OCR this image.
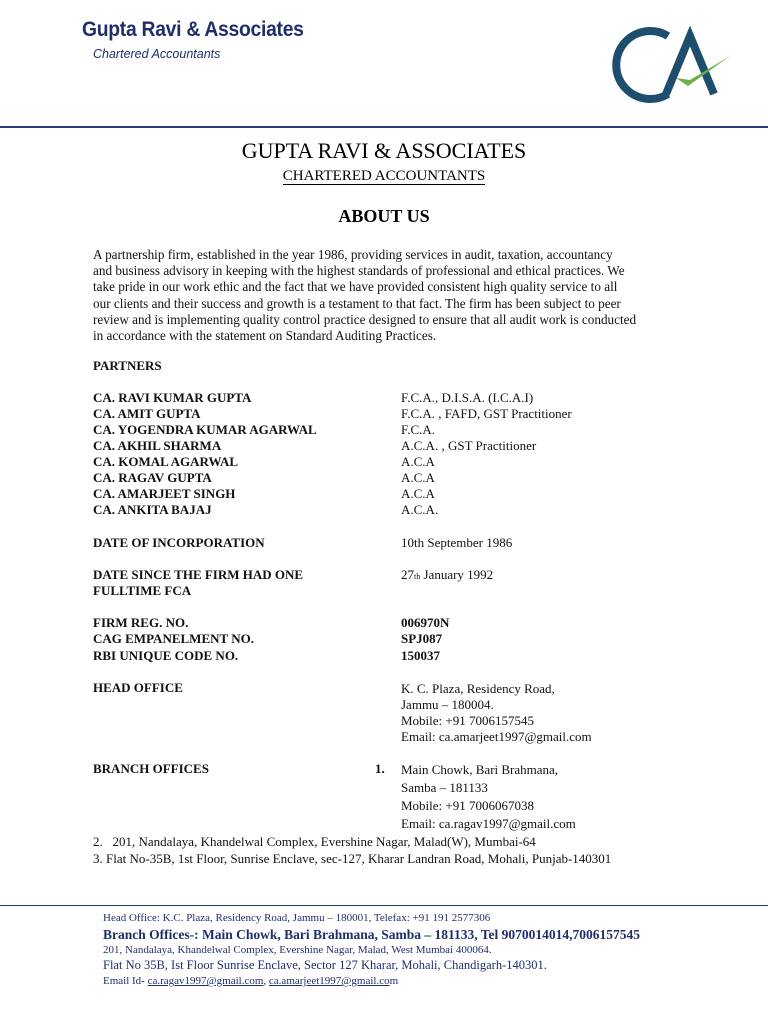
Gupta Ravi & Associates
Chartered Accountants
GUPTA RAVI & ASSOCIATES
CHARTERED ACCOUNTANTS
ABOUT US
A partnership firm, established in the year 1986, providing services in audit, taxation, accountancy
and business advisory in keeping with the highest standards of professional and ethical practices. We
take pride in our work ethic and the fact that we have provided consistent high quality service to all
our clients and their success and growth is a testament to that fact. The firm has been subject to peer
review and is implementing quality control practice designed to ensure that all audit work is conducted
in accordance with the statement on Standard Auditing Practices.
PARTNERS
CA. RAVI KUMAR GUPTA	F.C.A., D.I.S.A. (I.C.A.I)
CA. AMIT GUPTA	F.C.A. , FAFD, GST Practitioner
CA. YOGENDRA KUMAR AGARWAL	F.C.A.
CA. AKHIL SHARMA	A.C.A. , GST Practitioner
CA. KOMAL AGARWAL	A.C.A
CA. RAGAV GUPTA	A.C.A
CA. AMARJEET SINGH	A.C.A
CA. ANKITA BAJAJ	A.C.A.
DATE OF INCORPORATION	10th September 1986
DATE SINCE THE FIRM HAD ONE	27th January 1992
FULLTIME FCA
FIRM REG. NO.	006970N
CAG EMPANELMENT NO.	SPJ087
RBI UNIQUE CODE NO.	150037
HEAD OFFICE	K. C. Plaza, Residency Road,
Jammu – 180004.
Mobile: +91 7006157545
Email: ca.amarjeet1997@gmail.com
BRANCH OFFICES	1. Main Chowk, Bari Brahmana,
Samba – 181133
Mobile: +91 7006067038
Email: ca.ragav1997@gmail.com
2.   201, Nandalaya, Khandelwal Complex, Evershine Nagar, Malad(W), Mumbai-64
3. Flat No-35B, 1st Floor, Sunrise Enclave, sec-127, Kharar Landran Road, Mohali, Punjab-140301
Head Office: K.C. Plaza, Residency Road, Jammu – 180001, Telefax: +91 191 2577306
Branch Offices-: Main Chowk, Bari Brahmana, Samba – 181133, Tel 9070014014,7006157545
201, Nandalaya, Khandelwal Complex, Evershine Nagar, Malad, West Mumbai 400064.
Flat No 35B, Ist Floor Sunrise Enclave, Sector 127 Kharar, Mohali, Chandigarh-140301.
Email Id- ca.ragav1997@gmail.com, ca.amarjeet1997@gmail.com
